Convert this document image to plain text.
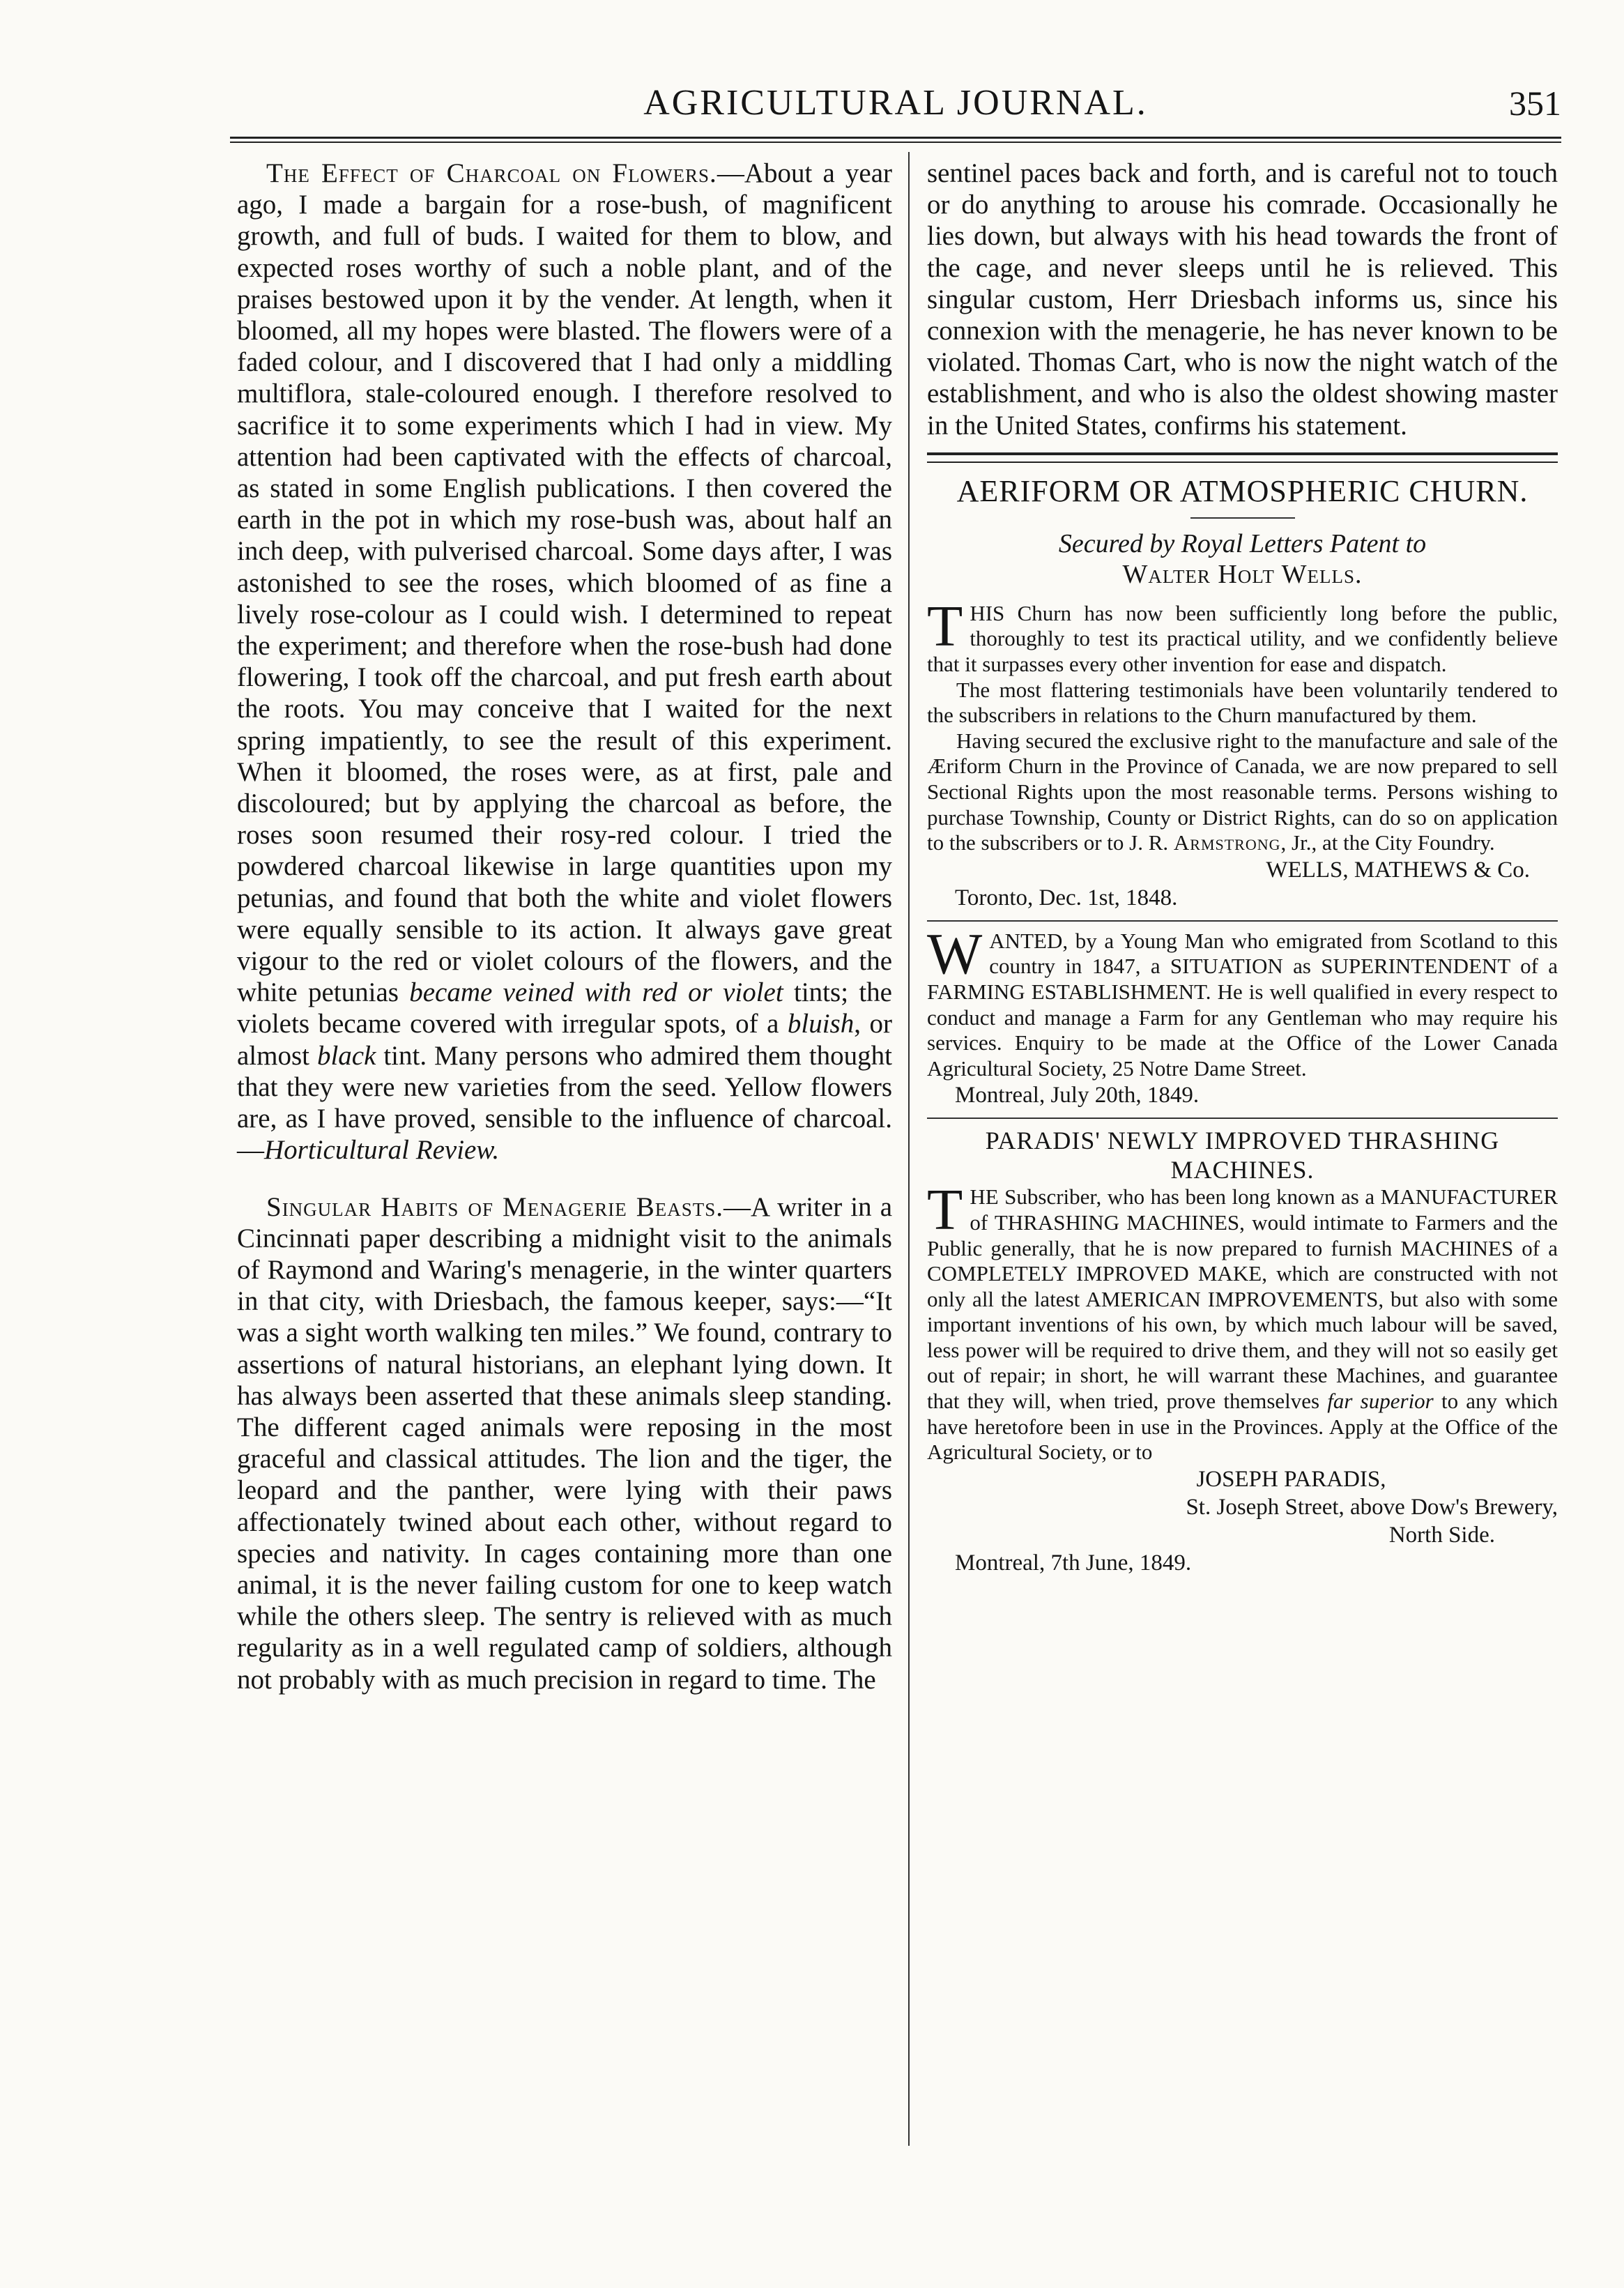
AGRICULTURAL JOURNAL.	351

The Effect of Charcoal on Flowers.—About a year ago, I made a bargain for a rose-bush, of magnificent growth, and full of buds. I waited for them to blow, and expected roses worthy of such a noble plant, and of the praises bestowed upon it by the vender. At length, when it bloomed, all my hopes were blasted. The flowers were of a faded colour, and I discovered that I had only a middling multiflora, stale-coloured enough. I therefore resolved to sacrifice it to some experiments which I had in view. My attention had been captivated with the effects of charcoal, as stated in some English publications. I then covered the earth in the pot in which my rose-bush was, about half an inch deep, with pulverised charcoal. Some days after, I was astonished to see the roses, which bloomed of as fine a lively rose-colour as I could wish. I determined to repeat the experiment; and therefore when the rose-bush had done flowering, I took off the charcoal, and put fresh earth about the roots. You may conceive that I waited for the next spring impatiently, to see the result of this experiment. When it bloomed, the roses were, as at first, pale and discoloured; but by applying the charcoal as before, the roses soon resumed their rosy-red colour. I tried the powdered charcoal likewise in large quantities upon my petunias, and found that both the white and violet flowers were equally sensible to its action. It always gave great vigour to the red or violet colours of the flowers, and the white petunias became veined with red or violet tints; the violets became covered with irregular spots, of a bluish, or almost black tint. Many persons who admired them thought that they were new varieties from the seed. Yellow flowers are, as I have proved, sensible to the influence of charcoal.—Horticultural Review.

Singular Habits of Menagerie Beasts.—A writer in a Cincinnati paper describing a midnight visit to the animals of Raymond and Waring's menagerie, in the winter quarters in that city, with Driesbach, the famous keeper, says:—“It was a sight worth walking ten miles.” We found, contrary to assertions of natural historians, an elephant lying down. It has always been asserted that these animals sleep standing. The different caged animals were reposing in the most graceful and classical attitudes. The lion and the tiger, the leopard and the panther, were lying with their paws affectionately twined about each other, without regard to species and nativity. In cages containing more than one animal, it is the never failing custom for one to keep watch while the others sleep. The sentry is relieved with as much regularity as in a well regulated camp of soldiers, although not probably with as much precision in regard to time. The

sentinel paces back and forth, and is careful not to touch or do anything to arouse his comrade. Occasionally he lies down, but always with his head towards the front of the cage, and never sleeps until he is relieved. This singular custom, Herr Driesbach informs us, since his connexion with the menagerie, he has never known to be violated. Thomas Cart, who is now the night watch of the establishment, and who is also the oldest showing master in the United States, confirms his statement.

AERIFORM OR ATMOSPHERIC CHURN.

Secured by Royal Letters Patent to

Walter Holt Wells.

THIS Churn has now been sufficiently long before the public, thoroughly to test its practical utility, and we confidently believe that it surpasses every other invention for ease and dispatch.

The most flattering testimonials have been voluntarily tendered to the subscribers in relations to the Churn manufactured by them.

Having secured the exclusive right to the manufacture and sale of the Æriform Churn in the Province of Canada, we are now prepared to sell Sectional Rights upon the most reasonable terms. Persons wishing to purchase Township, County or District Rights, can do so on application to the subscribers or to J. R. Armstrong, Jr., at the City Foundry.

WELLS, MATHEWS & Co.

Toronto, Dec. 1st, 1848.

WANTED, by a Young Man who emigrated from Scotland to this country in 1847, a SITUATION as SUPERINTENDENT of a FARMING ESTABLISHMENT. He is well qualified in every respect to conduct and manage a Farm for any Gentleman who may require his services. Enquiry to be made at the Office of the Lower Canada Agricultural Society, 25 Notre Dame Street.

Montreal, July 20th, 1849.

PARADIS' NEWLY IMPROVED THRASHING

MACHINES.

THE Subscriber, who has been long known as a MANUFACTURER of THRASHING MACHINES, would intimate to Farmers and the Public generally, that he is now prepared to furnish MACHINES of a COMPLETELY IMPROVED MAKE, which are constructed with not only all the latest AMERICAN IMPROVEMENTS, but also with some important inventions of his own, by which much labour will be saved, less power will be required to drive them, and they will not so easily get out of repair; in short, he will warrant these Machines, and guarantee that they will, when tried, prove themselves far superior to any which have heretofore been in use in the Provinces. Apply at the Office of the Agricultural Society, or to

JOSEPH PARADIS,

St. Joseph Street, above Dow's Brewery,

North Side.

Montreal, 7th June, 1849.
